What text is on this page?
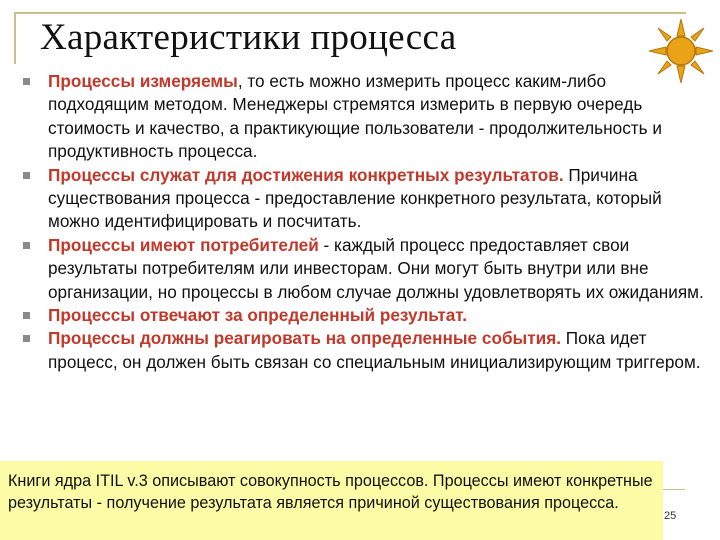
Характеристики процесса
Процессы измеряемы, то есть можно измерить процесс каким-либо подходящим методом. Менеджеры стремятся измерить в первую очередь стоимость и качество, а практикующие пользователи - продолжительность и продуктивность процесса.
Процессы служат для достижения конкретных результатов. Причина существования процесса - предоставление конкретного результата, который можно идентифицировать и посчитать.
Процессы имеют потребителей - каждый процесс предоставляет свои результаты потребителям или инвесторам. Они могут быть внутри или вне организации, но процессы в любом случае должны удовлетворять их ожиданиям.
Процессы отвечают за определенный результат.
Процессы должны реагировать на определенные события. Пока идет процесс, он должен быть связан со специальным инициализирующим триггером.
Книги ядра ITIL v.3 описывают совокупность процессов. Процессы имеют конкретные результаты - получение результата является причиной существования процесса.
25
